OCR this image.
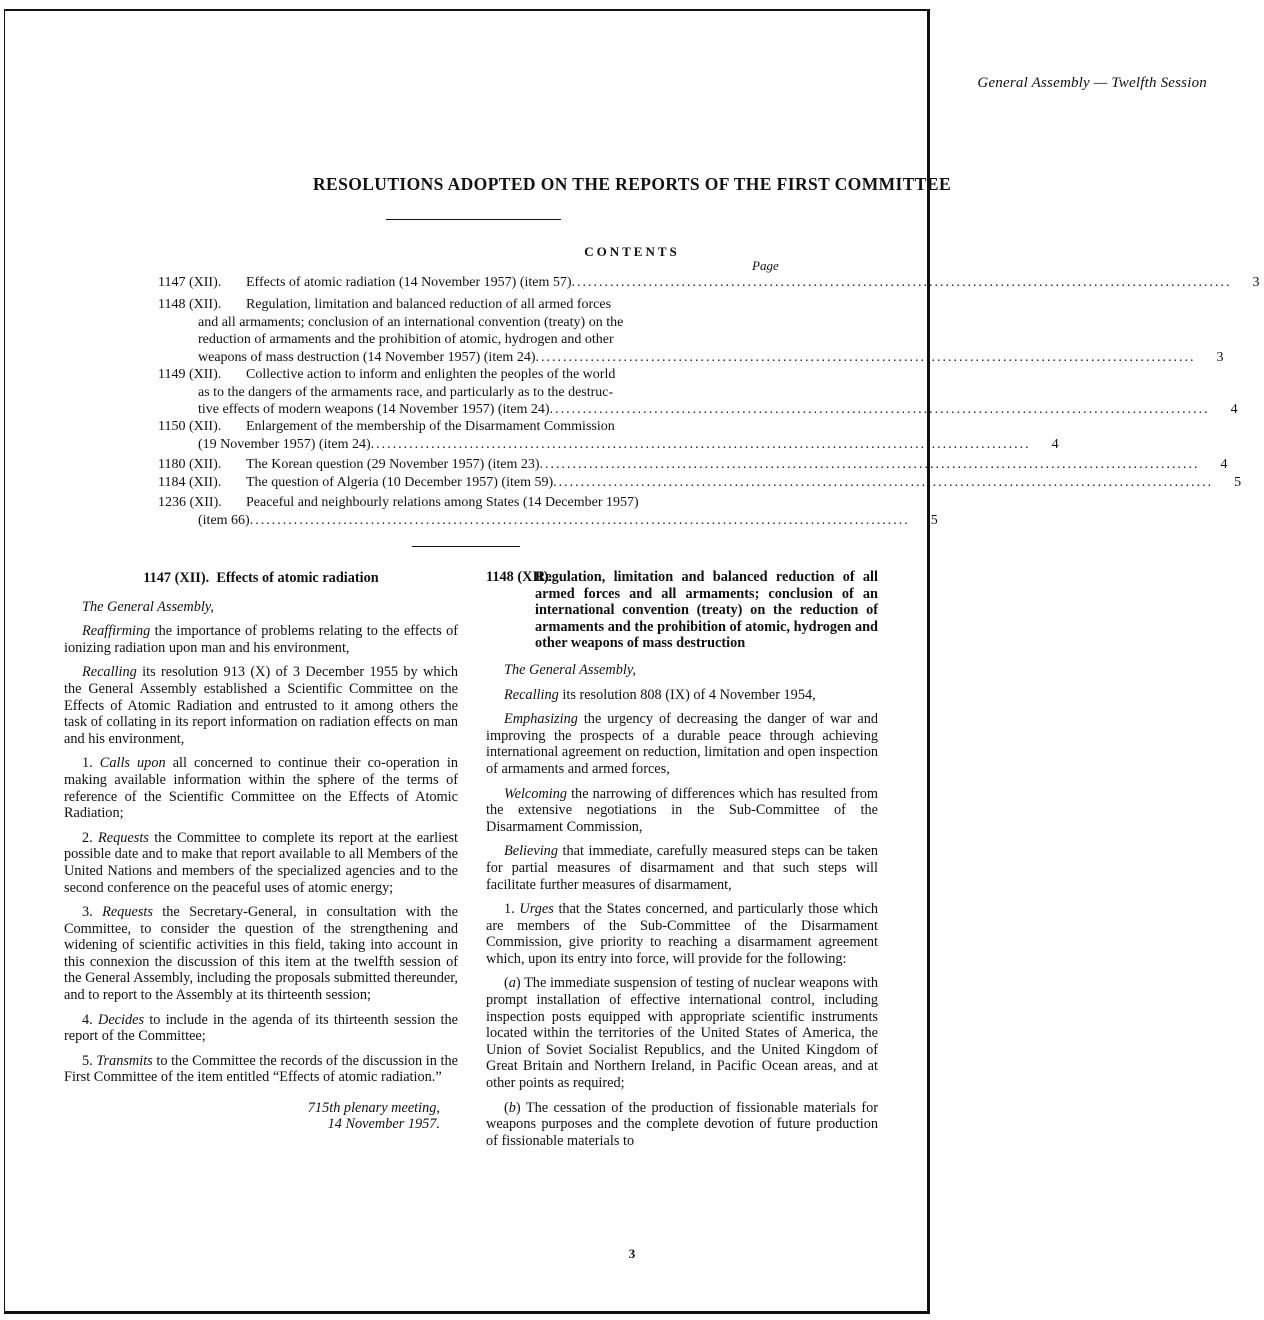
General Assembly — Twelfth Session
RESOLUTIONS ADOPTED ON THE REPORTS OF THE FIRST COMMITTEE
CONTENTS
Page
1147 (XII).	Effects of atomic radiation (14 November 1957) (item 57) ........................................................................................................................	3
1148 (XII).	Regulation, limitation and balanced reduction of all armed forces
and all armaments; conclusion of an international convention (treaty) on the
reduction of armaments and the prohibition of atomic, hydrogen and other
weapons of mass destruction (14 November 1957) (item 24) ........................................................................................................................	3
1149 (XII).	Collective action to inform and enlighten the peoples of the world
as to the dangers of the armaments race, and particularly as to the destruc-
tive effects of modern weapons (14 November 1957) (item 24) ........................................................................................................................	4
1150 (XII).	Enlargement of the membership of the Disarmament Commission
(19 November 1957) (item 24) ........................................................................................................................	4
1180 (XII).	The Korean question (29 November 1957) (item 23) ........................................................................................................................	4
1184 (XII).	The question of Algeria (10 December 1957) (item 59) ........................................................................................................................	5
1236 (XII).	Peaceful and neighbourly relations among States (14 December 1957)
(item 66) ........................................................................................................................	5
1147 (XII). Effects of atomic radiation
The General Assembly,
Reaffirming the importance of problems relating to the effects of ionizing radiation upon man and his environment,
Recalling its resolution 913 (X) of 3 December 1955 by which the General Assembly established a Scientific Committee on the Effects of Atomic Radiation and entrusted to it among others the task of collating in its report information on radiation effects on man and his environment,
1. Calls upon all concerned to continue their co-operation in making available information within the sphere of the terms of reference of the Scientific Committee on the Effects of Atomic Radiation;
2. Requests the Committee to complete its report at the earliest possible date and to make that report available to all Members of the United Nations and members of the specialized agencies and to the second conference on the peaceful uses of atomic energy;
3. Requests the Secretary-General, in consultation with the Committee, to consider the question of the strengthening and widening of scientific activities in this field, taking into account in this connexion the discussion of this item at the twelfth session of the General Assembly, including the proposals submitted thereunder, and to report to the Assembly at its thirteenth session;
4. Decides to include in the agenda of its thirteenth session the report of the Committee;
5. Transmits to the Committee the records of the discussion in the First Committee of the item entitled “Effects of atomic radiation.”
715th plenary meeting,
14 November 1957.
1148 (XII).
Regulation, limitation and balanced reduction of all armed forces and all armaments; conclusion of an international convention (treaty) on the reduction of armaments and the prohibition of atomic, hydrogen and other weapons of mass destruction
The General Assembly,
Recalling its resolution 808 (IX) of 4 November 1954,
Emphasizing the urgency of decreasing the danger of war and improving the prospects of a durable peace through achieving international agreement on reduction, limitation and open inspection of armaments and armed forces,
Welcoming the narrowing of differences which has resulted from the extensive negotiations in the Sub-Committee of the Disarmament Commission,
Believing that immediate, carefully measured steps can be taken for partial measures of disarmament and that such steps will facilitate further measures of disarmament,
1. Urges that the States concerned, and particularly those which are members of the Sub-Committee of the Disarmament Commission, give priority to reaching a disarmament agreement which, upon its entry into force, will provide for the following:
(a) The immediate suspension of testing of nuclear weapons with prompt installation of effective international control, including inspection posts equipped with appropriate scientific instruments located within the territories of the United States of America, the Union of Soviet Socialist Republics, and the United Kingdom of Great Britain and Northern Ireland, in Pacific Ocean areas, and at other points as required;
(b) The cessation of the production of fissionable materials for weapons purposes and the complete devotion of future production of fissionable materials to
3
